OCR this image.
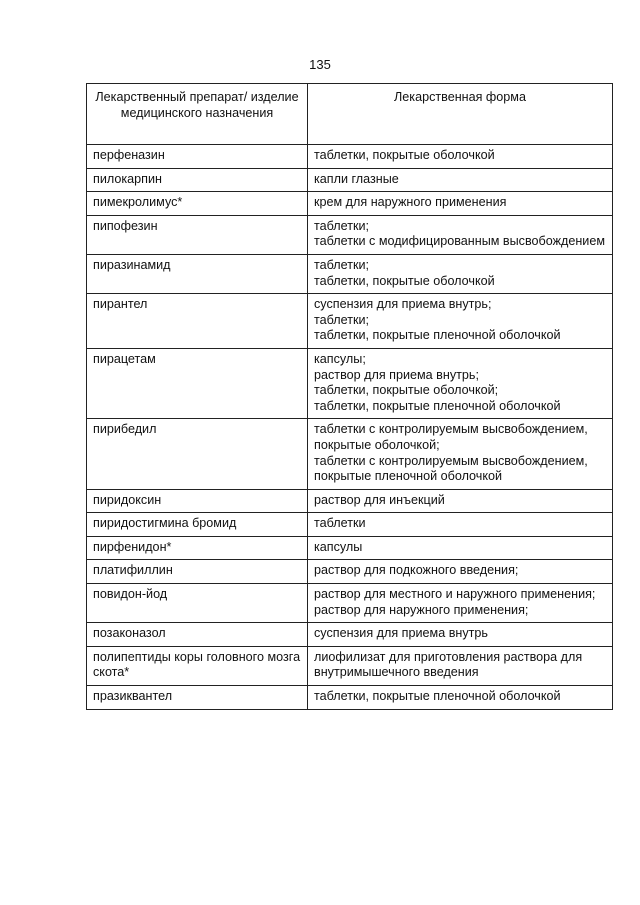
135
Лекарственный препарат/ изделие медицинского назначения	Лекарственная форма
перфеназин	таблетки, покрытые оболочкой
пилокарпин	капли глазные
пимекролимус*	крем для наружного применения
пипофезин	таблетки;
таблетки с модифицированным высвобождением
пиразинамид	таблетки;
таблетки, покрытые оболочкой
пирантел	суспензия для приема внутрь;
таблетки;
таблетки, покрытые пленочной оболочкой
пирацетам	капсулы;
раствор для приема внутрь;
таблетки, покрытые оболочкой;
таблетки, покрытые пленочной оболочкой
пирибедил	таблетки с контролируемым высвобождением, покрытые оболочкой;
таблетки с контролируемым высвобождением, покрытые пленочной оболочкой
пиридоксин	раствор для инъекций
пиридостигмина бромид	таблетки
пирфенидон*	капсулы
платифиллин	раствор для подкожного введения;
повидон-йод	раствор для местного и наружного применения;
раствор для наружного применения;
позаконазол	суспензия для приема внутрь
полипептиды коры головного мозга скота*	лиофилизат для приготовления раствора для внутримышечного введения
празиквантел	таблетки, покрытые пленочной оболочкой
